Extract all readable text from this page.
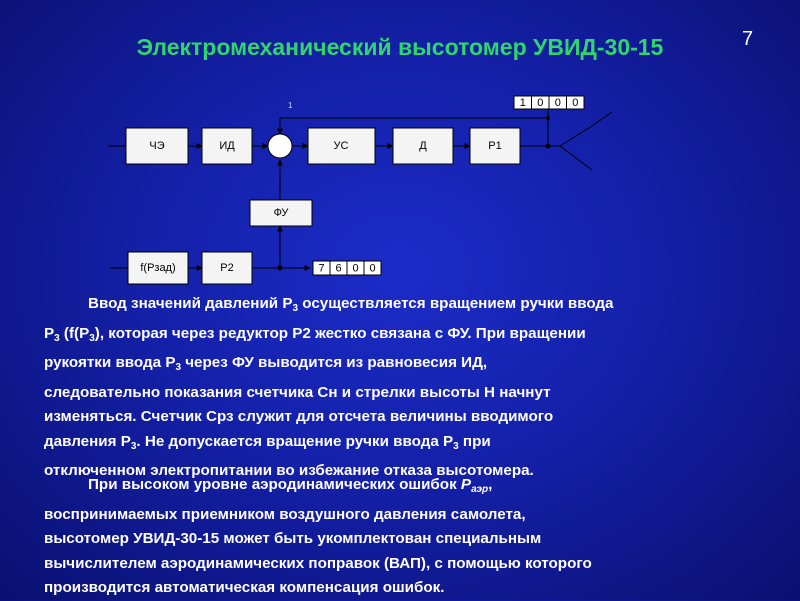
Электромеханический высотомер УВИД-30-15	7
1
ЧЭ	ИД	УС	Д	Р1
ФУ
f(Рзад)	Р2
1 0 0 0
7 6 0 0
Ввод значений давлений $Р_3$ осуществляется вращением ручки ввода
$Р_3$ ($f(Р_3)$, которая через редуктор Р2 жестко связана с ФУ. При вращении
рукоятки ввода $Р_3$ через ФУ выводится из равновесия ИД,
следовательно показания счетчика Сн и стрелки высоты Н начнут
изменяться. Счетчик Срз служит для отсчета величины вводимого
давления $Р_3$. Не допускается вращение ручки ввода $Р_3$ при
отключенном электропитании во избежание отказа высотомера.
При высоком уровне аэродинамических ошибок $Р_{аэр}$,
воспринимаемых приемником воздушного давления самолета,
высотомер УВИД-30-15 может быть укомплектован специальным
вычислителем аэродинамических поправок (ВАП), с помощью которого
производится автоматическая компенсация ошибок.
